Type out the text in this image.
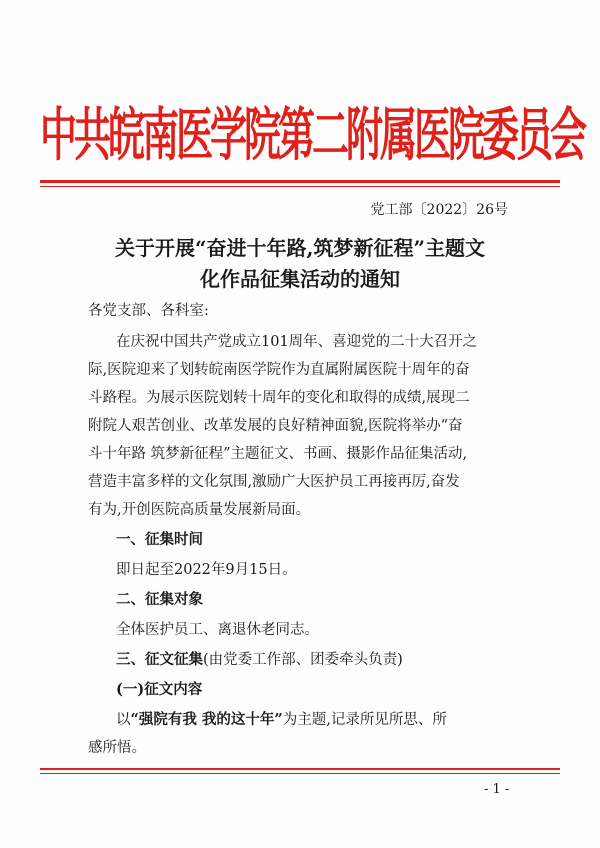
中共皖南医学院第二附属医院委员会
党工部〔2022〕26号
关于开展“奋进十年路,筑梦新征程”主题文
化作品征集活动的通知
各党支部、各科室:
在庆祝中国共产党成立101周年、喜迎党的二十大召开之
际,医院迎来了划转皖南医学院作为直属附属医院十周年的奋
斗路程。为展示医院划转十周年的变化和取得的成绩,展现二
附院人艰苦创业、改革发展的良好精神面貌,医院将举办“奋
斗十年路 筑梦新征程”主题征文、书画、摄影作品征集活动,
营造丰富多样的文化氛围,激励广大医护员工再接再厉,奋发
有为,开创医院高质量发展新局面。
一、征集时间
即日起至2022年9月15日。
二、征集对象
全体医护员工、离退休老同志。
三、征文征集(由党委工作部、团委牵头负责)
(一)征文内容
以“强院有我 我的这十年”为主题,记录所见所思、所
感所悟。
- 1 -
